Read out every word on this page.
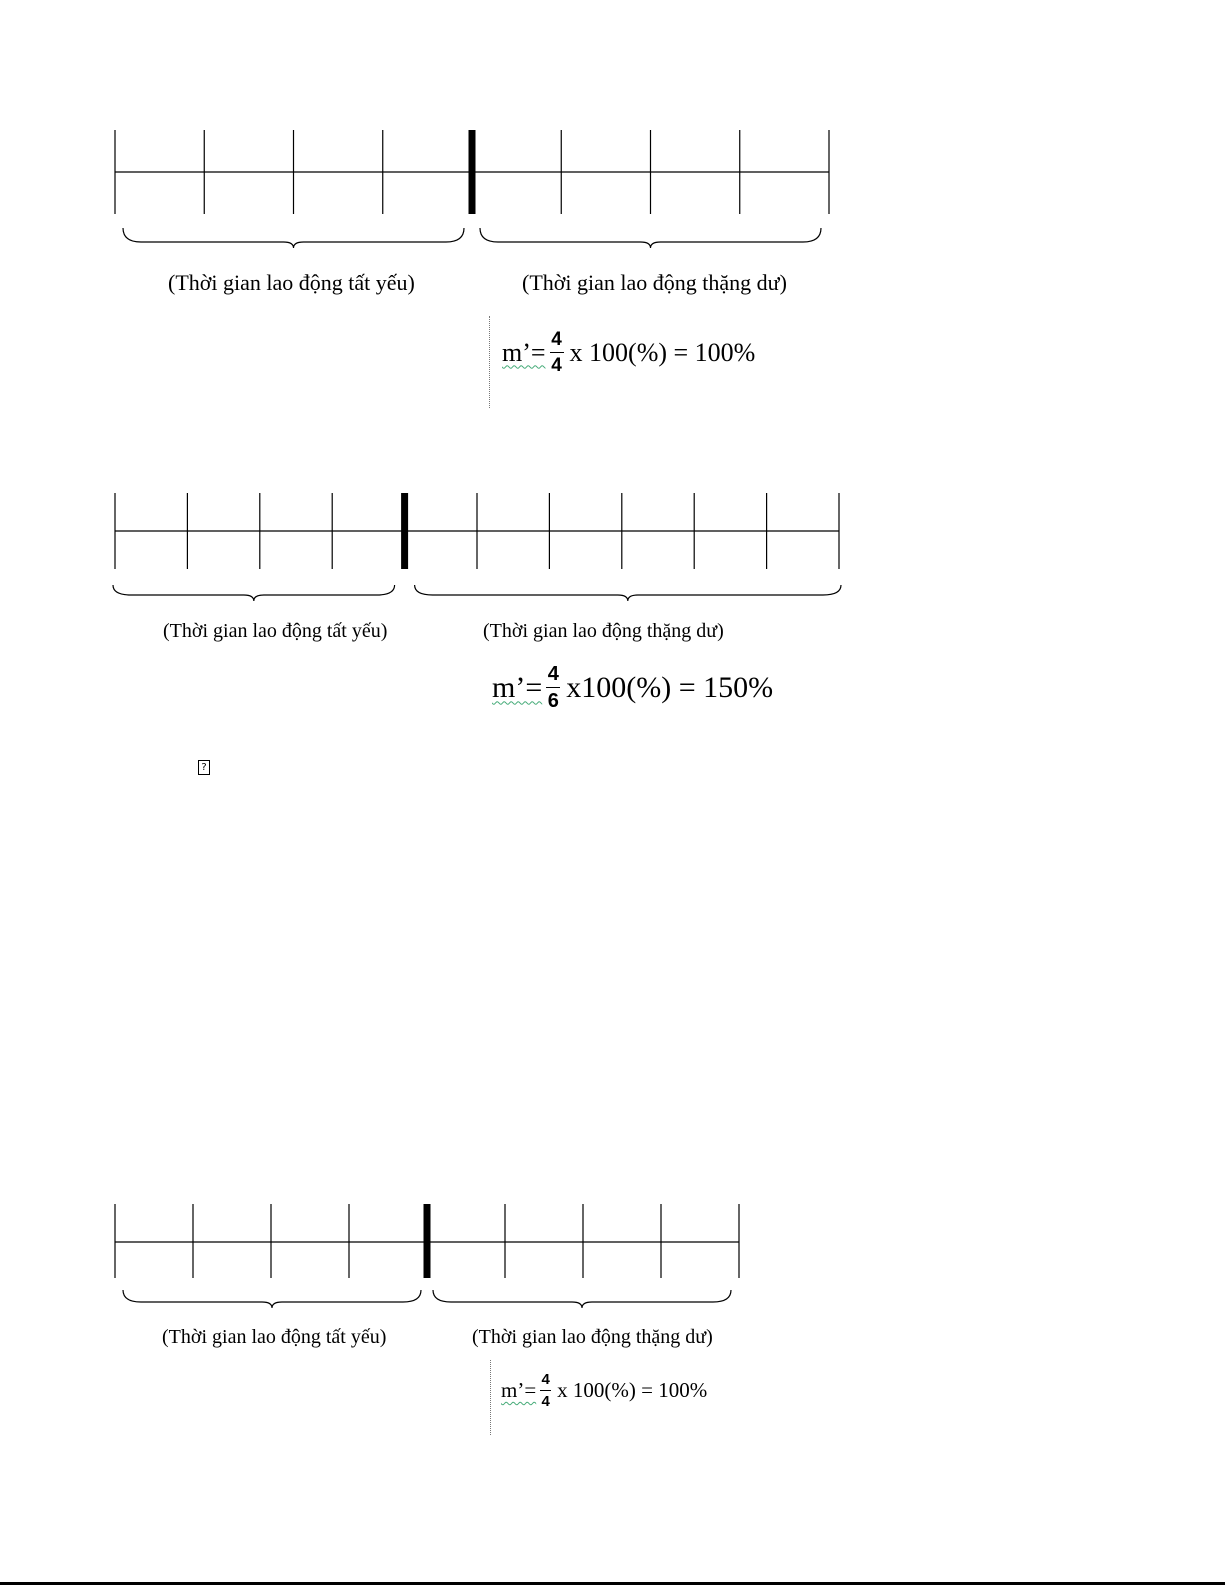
(Thời gian lao động tất yếu)	(Thời gian lao động thặng dư)
m’= $\frac{4}{4}$ x 100(%) = 100%
(Thời gian lao động tất yếu)	(Thời gian lao động thặng dư)
m’= $\frac{4}{6} x100(\%) = 150\%$
?
(Thời gian lao động tất yếu)	(Thời gian lao động thặng dư)
m’= $\frac{4}{4}$ x 100(%) = 100%
